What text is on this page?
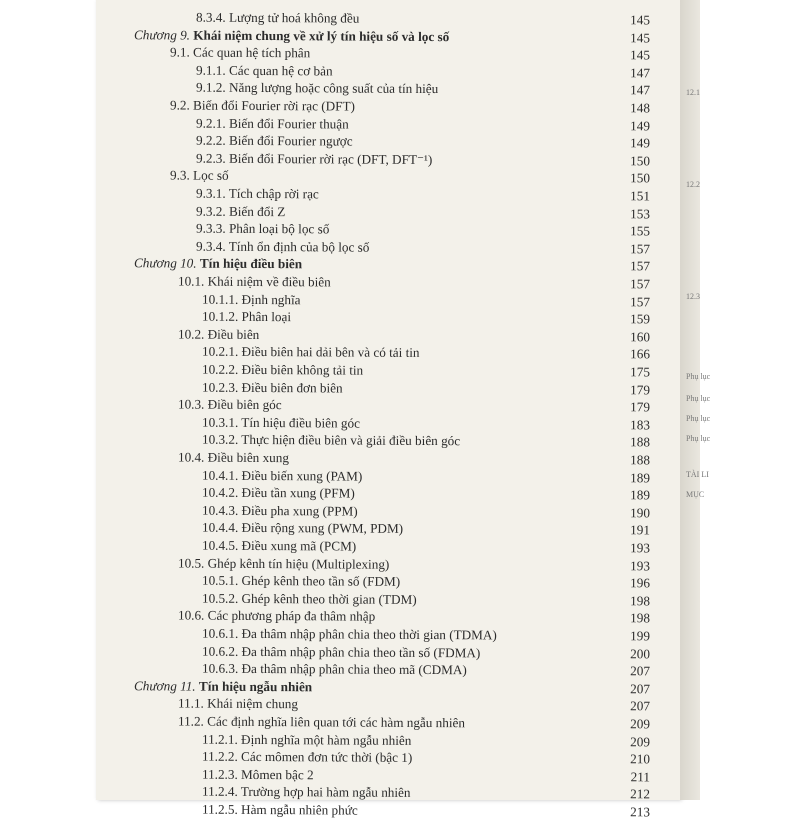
8.3.4. Lượng tử hoá không đều	145
Chương 9. Khái niệm chung về xử lý tín hiệu số và lọc số	145
9.1. Các quan hệ tích phân	145
9.1.1. Các quan hệ cơ bản	147
9.1.2. Năng lượng hoặc công suất của tín hiệu	147
9.2. Biến đổi Fourier rời rạc (DFT)	148
9.2.1. Biến đổi Fourier thuận	149
9.2.2. Biến đổi Fourier ngược	149
9.2.3. Biến đổi Fourier rời rạc (DFT, DFT⁻¹)	150
9.3. Lọc số	150
9.3.1. Tích chập rời rạc	151
9.3.2. Biến đổi Z	153
9.3.3. Phân loại bộ lọc số	155
9.3.4. Tính ổn định của bộ lọc số	157
Chương 10. Tín hiệu điều biên	157
10.1. Khái niệm về điều biên	157
10.1.1. Định nghĩa	157
10.1.2. Phân loại	159
10.2. Điều biên	160
10.2.1. Điều biên hai dải bên và có tải tin	166
10.2.2. Điều biên không tải tin	175
10.2.3. Điều biên đơn biên	179
10.3. Điều biên góc	179
10.3.1. Tín hiệu điều biên góc	183
10.3.2. Thực hiện điều biên và giải điều biên góc	188
10.4. Điều biên xung	188
10.4.1. Điều biến xung (PAM)	189
10.4.2. Điều tần xung (PFM)	189
10.4.3. Điều pha xung (PPM)	190
10.4.4. Điều rộng xung (PWM, PDM)	191
10.4.5. Điều xung mã (PCM)	193
10.5. Ghép kênh tín hiệu (Multiplexing)	193
10.5.1. Ghép kênh theo tần số (FDM)	196
10.5.2. Ghép kênh theo thời gian (TDM)	198
10.6. Các phương pháp đa thâm nhập	198
10.6.1. Đa thâm nhập phân chia theo thời gian (TDMA)	199
10.6.2. Đa thâm nhập phân chia theo tần số (FDMA)	200
10.6.3. Đa thâm nhập phân chia theo mã (CDMA)	207
Chương 11. Tín hiệu ngẫu nhiên	207
11.1. Khái niệm chung	207
11.2. Các định nghĩa liên quan tới các hàm ngẫu nhiên	209
11.2.1. Định nghĩa một hàm ngẫu nhiên	209
11.2.2. Các mômen đơn tức thời (bậc 1)	210
11.2.3. Mômen bậc 2	211
11.2.4. Trường hợp hai hàm ngẫu nhiên	212
11.2.5. Hàm ngẫu nhiên phức	213
12.1
12.2
12.3
Phụ lục
Phụ lục
Phụ lục
Phụ lục
TÀI LI
MỤC
